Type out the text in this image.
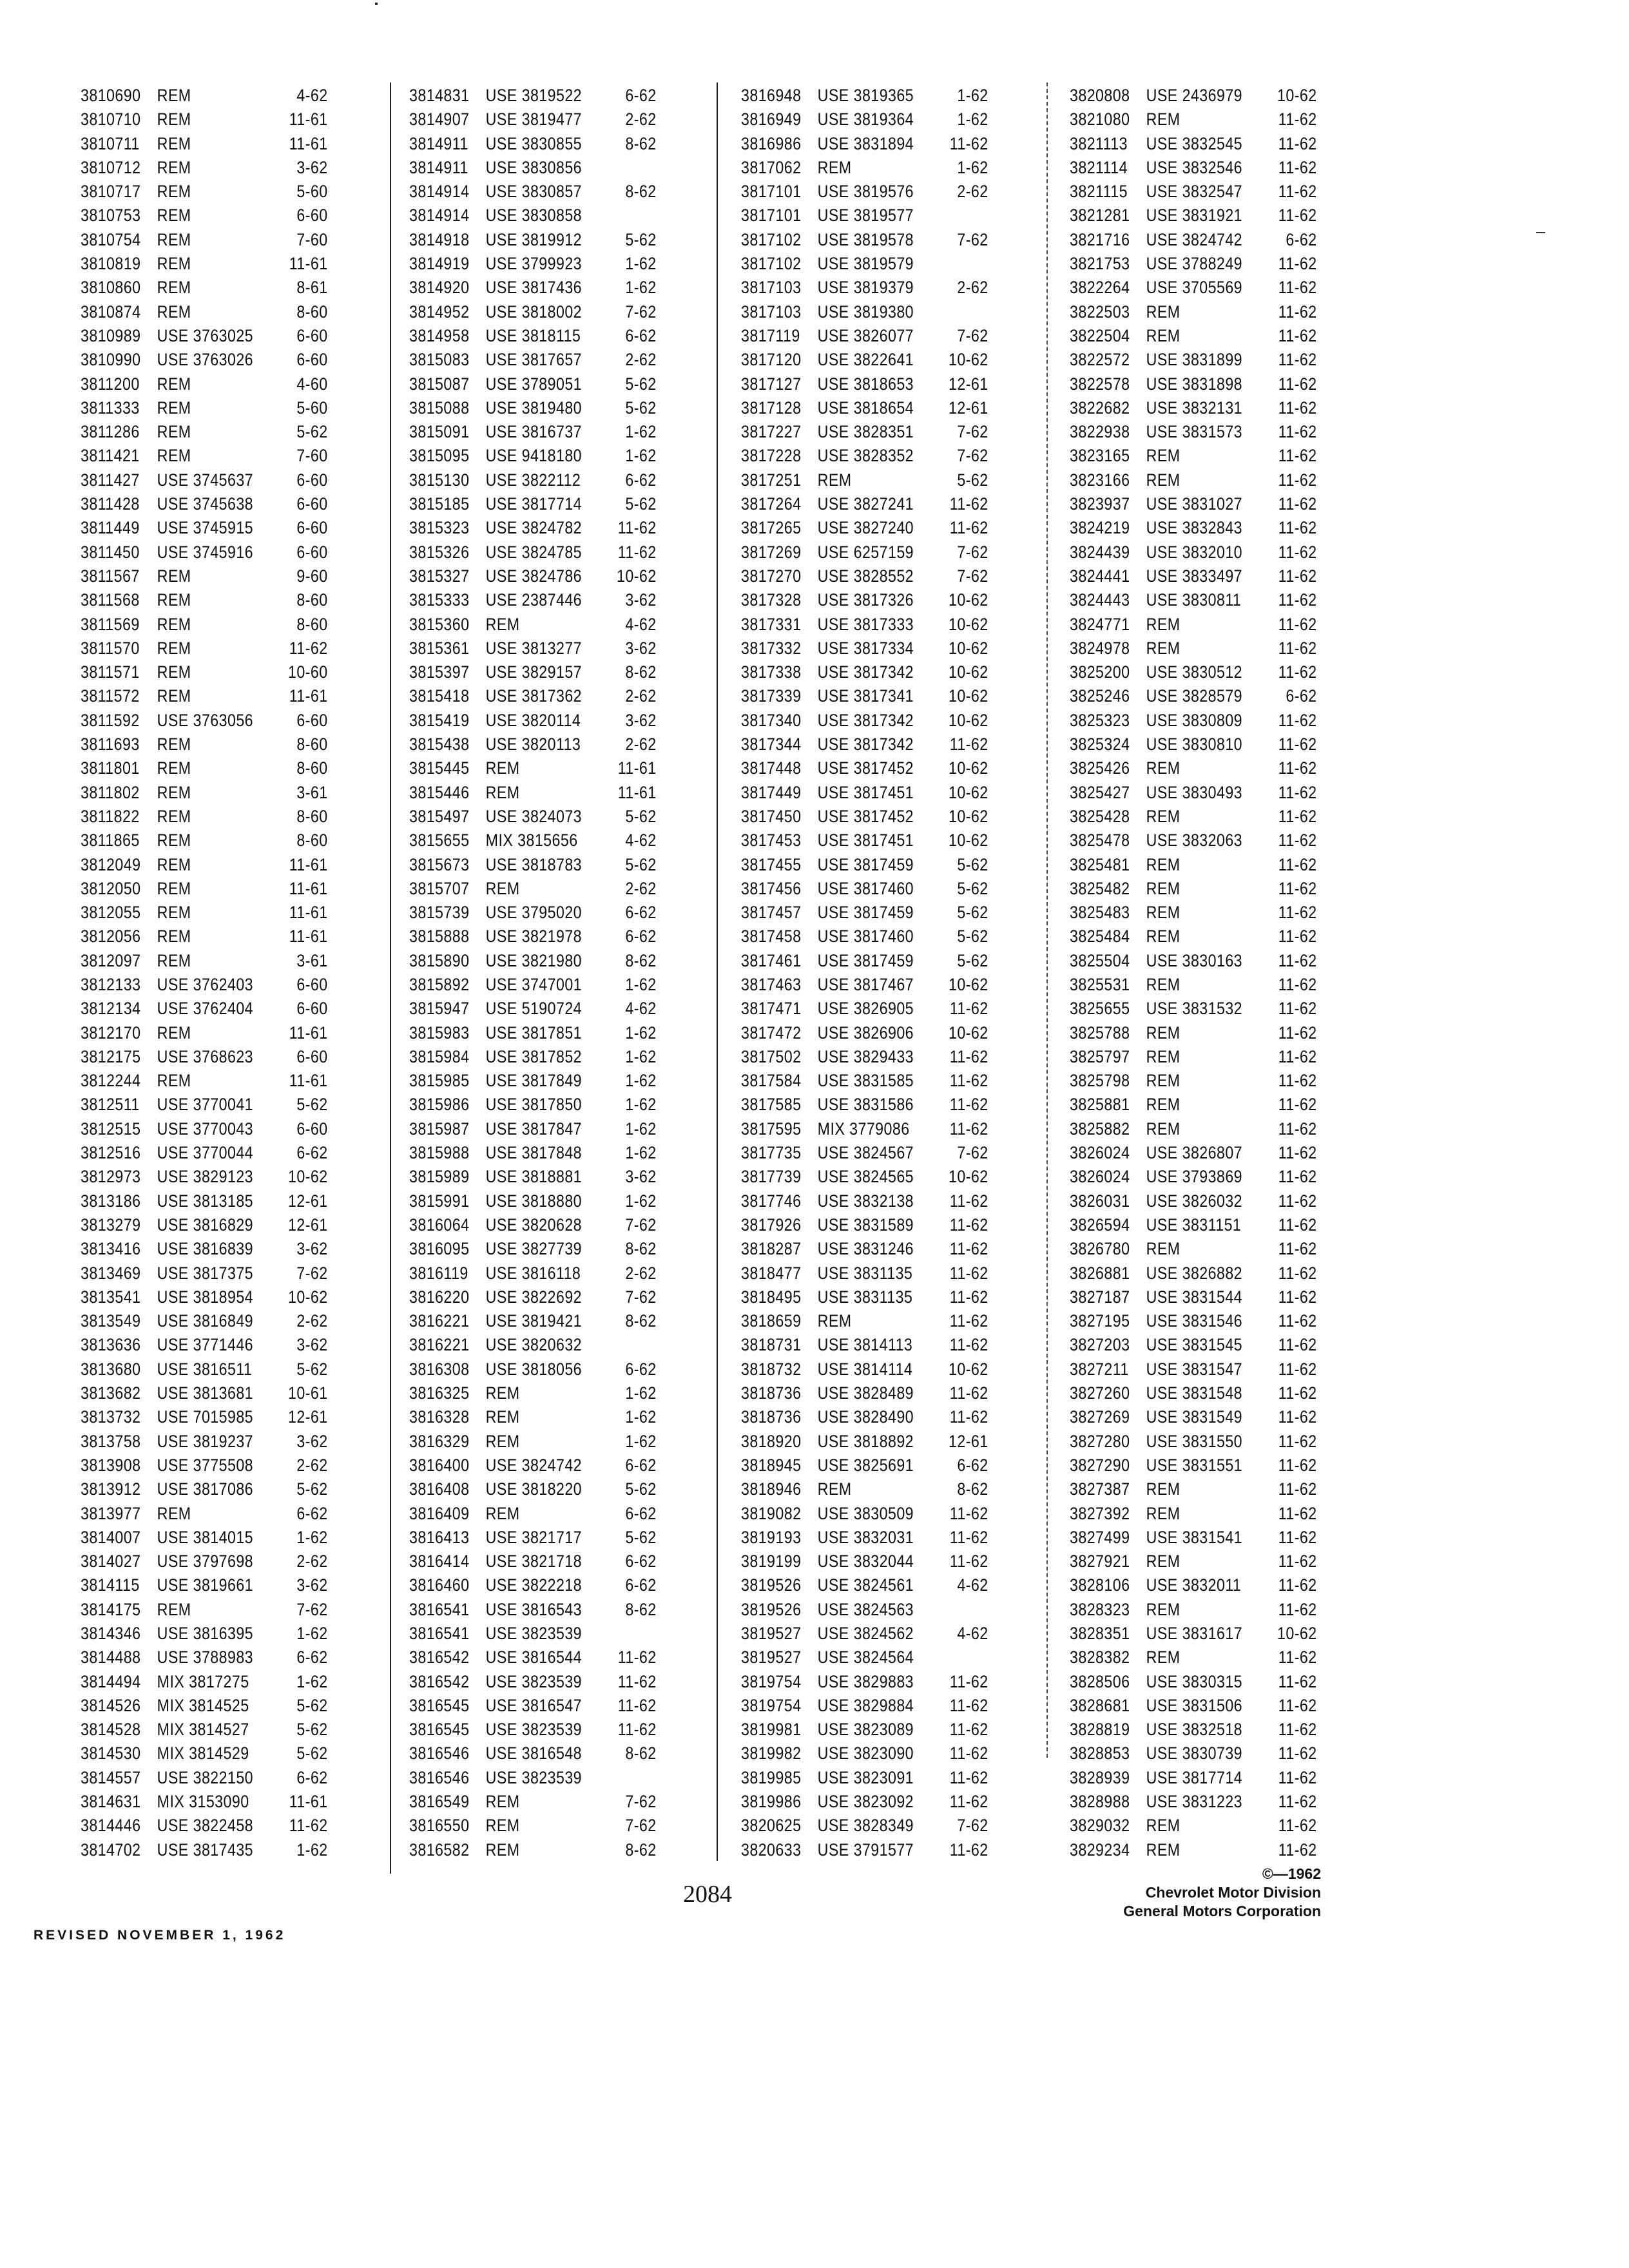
3810690 REM	4-62
3810710 REM	11-61
3810711 REM	11-61
3810712 REM	3-62
3810717 REM	5-60
3810753 REM	6-60
3810754 REM	7-60
3810819 REM	11-61
3810860 REM	8-61
3810874 REM	8-60
3810989 USE 3763025 6-60
3810990 USE 3763026 6-60
3811200 REM	4-60
3811333 REM	5-60
3811286 REM	5-62
3811421 REM	7-60
3811427 USE 3745637 6-60
3811428 USE 3745638 6-60
3811449 USE 3745915 6-60
3811450 USE 3745916 6-60
3811567 REM	9-60
3811568 REM	8-60
3811569 REM	8-60
3811570 REM	11-62
3811571 REM	10-60
3811572 REM	11-61
3811592 USE 3763056 6-60
3811693 REM	8-60
3811801 REM	8-60
3811802 REM	3-61
3811822 REM	8-60
3811865 REM	8-60
3812049 REM	11-61
3812050 REM	11-61
3812055 REM	11-61
3812056 REM	11-61
3812097 REM	3-61
3812133 USE 3762403 6-60
3812134 USE 3762404 6-60
3812170 REM	11-61
3812175 USE 3768623 6-60
3812244 REM	11-61
3812511 USE 3770041 5-62
3812515 USE 3770043 6-60
3812516 USE 3770044 6-62
3812973 USE 3829123 10-62
3813186 USE 3813185 12-61
3813279 USE 3816829 12-61
3813416 USE 3816839 3-62
3813469 USE 3817375 7-62
3813541 USE 3818954 10-62
3813549 USE 3816849 2-62
3813636 USE 3771446 3-62
3813680 USE 3816511	5-62
3813682 USE 3813681 10-61
3813732 USE 7015985 12-61
3813758 USE 3819237 3-62
3813908 USE 3775508 2-62
3813912 USE 3817086 5-62
3813977 REM	6-62
3814007 USE 3814015 1-62
3814027 USE 3797698 2-62
3814115 USE 3819661 3-62
3814175 REM	7-62
3814346 USE 3816395 1-62
3814488 USE 3788983 6-62
3814494 MIX 3817275	1-62
3814526 MIX 3814525	5-62
3814528 MIX 3814527	5-62
3814530 MIX 3814529	5-62
3814557 USE 3822150 6-62
3814631 MIX 3153090 11-61
3814446 USE 3822458 11-62
3814702 USE 3817435 1-62
3814831 USE 3819522 6-62
3814907 USE 3819477 2-62
3814911 USE 3830855 8-62
3814911 USE 3830856
3814914 USE 3830857 8-62
3814914 USE 3830858
3814918 USE 3819912 5-62
3814919 USE 3799923 1-62
3814920 USE 3817436 1-62
3814952 USE 3818002 7-62
3814958 USE 3818115	6-62
3815083 USE 3817657 2-62
3815087 USE 3789051 5-62
3815088 USE 3819480 5-62
3815091 USE 3816737 1-62
3815095 USE 9418180 1-62
3815130 USE 3822112	6-62
3815185 USE 3817714 5-62
3815323 USE 3824782 11-62
3815326 USE 3824785 11-62
3815327 USE 3824786 10-62
3815333 USE 2387446 3-62
3815360 REM	4-62
3815361 USE 3813277 3-62
3815397 USE 3829157 8-62
3815418 USE 3817362 2-62
3815419 USE 3820114	3-62
3815438 USE 3820113	2-62
3815445 REM	11-61
3815446 REM	11-61
3815497 USE 3824073 5-62
3815655 MIX 3815656	4-62
3815673 USE 3818783 5-62
3815707 REM	2-62
3815739 USE 3795020 6-62
3815888 USE 3821978 6-62
3815890 USE 3821980 8-62
3815892 USE 3747001 1-62
3815947 USE 5190724 4-62
3815983 USE 3817851 1-62
3815984 USE 3817852 1-62
3815985 USE 3817849 1-62
3815986 USE 3817850 1-62
3815987 USE 3817847 1-62
3815988 USE 3817848 1-62
3815989 USE 3818881 3-62
3815991 USE 3818880 1-62
3816064 USE 3820628 7-62
3816095 USE 3827739 8-62
3816119 USE 3816118	2-62
3816220 USE 3822692 7-62
3816221 USE 3819421 8-62
3816221 USE 3820632
3816308 USE 3818056 6-62
3816325 REM	1-62
3816328 REM	1-62
3816329 REM	1-62
3816400 USE 3824742 6-62
3816408 USE 3818220 5-62
3816409 REM	6-62
3816413 USE 3821717 5-62
3816414 USE 3821718 6-62
3816460 USE 3822218 6-62
3816541 USE 3816543 8-62
3816541 USE 3823539
3816542 USE 3816544 11-62
3816542 USE 3823539 11-62
3816545 USE 3816547 11-62
3816545 USE 3823539 11-62
3816546 USE 3816548 8-62
3816546 USE 3823539
3816549 REM	7-62
3816550 REM	7-62
3816582 REM	8-62
3816948 USE 3819365 1-62
3816949 USE 3819364 1-62
3816986 USE 3831894 11-62
3817062 REM	1-62
3817101 USE 3819576 2-62
3817101 USE 3819577
3817102 USE 3819578 7-62
3817102 USE 3819579
3817103 USE 3819379 2-62
3817103 USE 3819380
3817119 USE 3826077 7-62
3817120 USE 3822641 10-62
3817127 USE 3818653 12-61
3817128 USE 3818654 12-61
3817227 USE 3828351 7-62
3817228 USE 3828352 7-62
3817251 REM	5-62
3817264 USE 3827241 11-62
3817265 USE 3827240 11-62
3817269 USE 6257159 7-62
3817270 USE 3828552 7-62
3817328 USE 3817326 10-62
3817331 USE 3817333 10-62
3817332 USE 3817334 10-62
3817338 USE 3817342 10-62
3817339 USE 3817341 10-62
3817340 USE 3817342 10-62
3817344 USE 3817342 11-62
3817448 USE 3817452 10-62
3817449 USE 3817451 10-62
3817450 USE 3817452 10-62
3817453 USE 3817451 10-62
3817455 USE 3817459 5-62
3817456 USE 3817460 5-62
3817457 USE 3817459 5-62
3817458 USE 3817460 5-62
3817461 USE 3817459 5-62
3817463 USE 3817467 10-62
3817471 USE 3826905 11-62
3817472 USE 3826906 10-62
3817502 USE 3829433 11-62
3817584 USE 3831585 11-62
3817585 USE 3831586 11-62
3817595 MIX 3779086 11-62
3817735 USE 3824567 7-62
3817739 USE 3824565 10-62
3817746 USE 3832138 11-62
3817926 USE 3831589 11-62
3818287 USE 3831246 11-62
3818477 USE 3831135 11-62
3818495 USE 3831135 11-62
3818659 REM	11-62
3818731 USE 3814113 11-62
3818732 USE 3814114 10-62
3818736 USE 3828489 11-62
3818736 USE 3828490 11-62
3818920 USE 3818892 12-61
3818945 USE 3825691 6-62
3818946 REM	8-62
3819082 USE 3830509 11-62
3819193 USE 3832031 11-62
3819199 USE 3832044 11-62
3819526 USE 3824561 4-62
3819526 USE 3824563
3819527 USE 3824562 4-62
3819527 USE 3824564
3819754 USE 3829883 11-62
3819754 USE 3829884 11-62
3819981 USE 3823089 11-62
3819982 USE 3823090 11-62
3819985 USE 3823091 11-62
3819986 USE 3823092 11-62
3820625 USE 3828349 7-62
3820633 USE 3791577 11-62
3820808 USE 2436979 10-62
3821080 REM	11-62
3821113 USE 3832545 11-62
3821114 USE 3832546 11-62
3821115 USE 3832547 11-62
3821281 USE 3831921 11-62
3821716 USE 3824742 6-62
3821753 USE 3788249 11-62
3822264 USE 3705569 11-62
3822503 REM	11-62
3822504 REM	11-62
3822572 USE 3831899 11-62
3822578 USE 3831898 11-62
3822682 USE 3832131 11-62
3822938 USE 3831573 11-62
3823165 REM	11-62
3823166 REM	11-62
3823937 USE 3831027 11-62
3824219 USE 3832843 11-62
3824439 USE 3832010 11-62
3824441 USE 3833497 11-62
3824443 USE 3830811 11-62
3824771 REM	11-62
3824978 REM	11-62
3825200 USE 3830512 11-62
3825246 USE 3828579 6-62
3825323 USE 3830809 11-62
3825324 USE 3830810 11-62
3825426 REM	11-62
3825427 USE 3830493 11-62
3825428 REM	11-62
3825478 USE 3832063 11-62
3825481 REM	11-62
3825482 REM	11-62
3825483 REM	11-62
3825484 REM	11-62
3825504 USE 3830163 11-62
3825531 REM	11-62
3825655 USE 3831532 11-62
3825788 REM	11-62
3825797 REM	11-62
3825798 REM	11-62
3825881 REM	11-62
3825882 REM	11-62
3826024 USE 3826807 11-62
3826024 USE 3793869 11-62
3826031 USE 3826032 11-62
3826594 USE 3831151 11-62
3826780 REM	11-62
3826881 USE 3826882 11-62
3827187 USE 3831544 11-62
3827195 USE 3831546 11-62
3827203 USE 3831545 11-62
3827211 USE 3831547 11-62
3827260 USE 3831548 11-62
3827269 USE 3831549 11-62
3827280 USE 3831550 11-62
3827290 USE 3831551 11-62
3827387 REM	11-62
3827392 REM	11-62
3827499 USE 3831541 11-62
3827921 REM	11-62
3828106 USE 3832011 11-62
3828323 REM	11-62
3828351 USE 3831617 10-62
3828382 REM	11-62
3828506 USE 3830315 11-62
3828681 USE 3831506 11-62
3828819 USE 3832518 11-62
3828853 USE 3830739 11-62
3828939 USE 3817714 11-62
3828988 USE 3831223 11-62
3829032 REM	11-62
3829234 REM	11-62
2084
REVISED NOVEMBER 1, 1962
©—1962
Chevrolet Motor Division
General Motors Corporation
